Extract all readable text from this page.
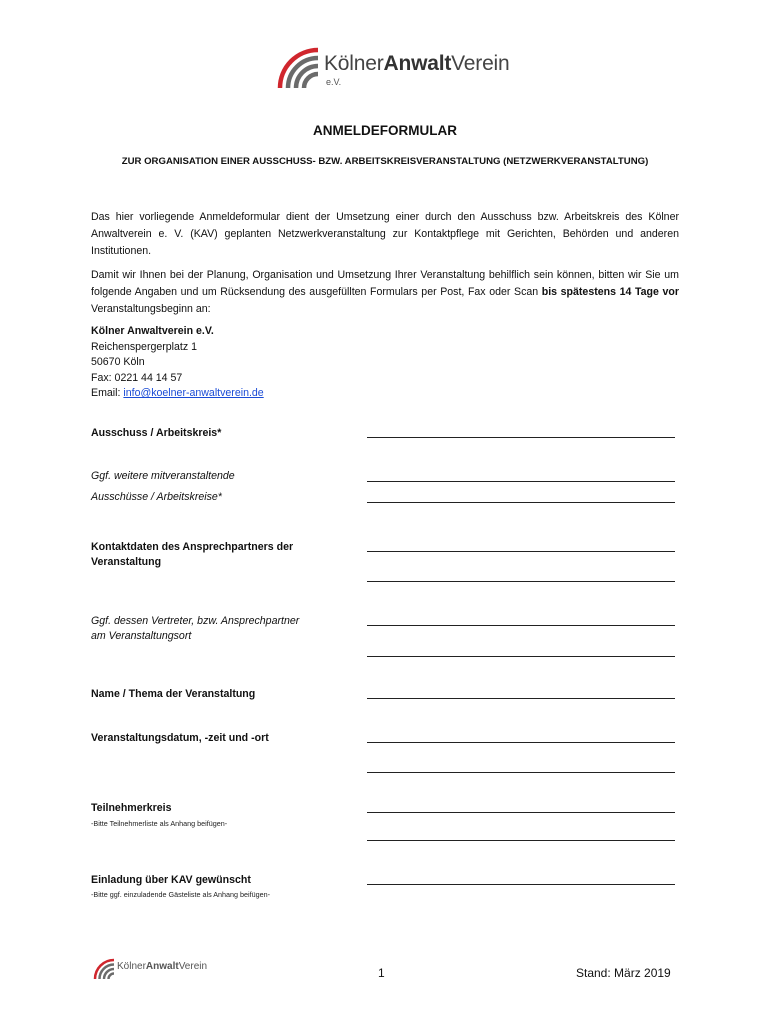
KölnerAnwaltVerein
e.V.
ANMELDEFORMULAR
ZUR ORGANISATION EINER AUSSCHUSS- BZW. ARBEITSKREISVERANSTALTUNG (NETZWERKVERANSTALTUNG)
Das hier vorliegende Anmeldeformular dient der Umsetzung einer durch den Ausschuss bzw. Arbeitskreis des Kölner Anwaltverein e. V. (KAV) geplanten Netzwerkveranstaltung zur Kontaktpflege mit Gerichten, Behörden und anderen Institutionen.
Damit wir Ihnen bei der Planung, Organisation und Umsetzung Ihrer Veranstaltung behilflich sein können, bitten wir Sie um folgende Angaben und um Rücksendung des ausgefüllten Formulars per Post, Fax oder Scan bis spätestens 14 Tage vor Veranstaltungsbeginn an:
Kölner Anwaltverein e.V.
Reichenspergerplatz 1
50670 Köln
Fax: 0221 44 14 57
Email: info@koelner-anwaltverein.de
Ausschuss / Arbeitskreis*
Ggf. weitere mitveranstaltende
Ausschüsse / Arbeitskreise*
Kontaktdaten des Ansprechpartners der
Veranstaltung
Ggf. dessen Vertreter, bzw. Ansprechpartner
am Veranstaltungsort
Name / Thema der Veranstaltung
Veranstaltungsdatum, -zeit und -ort
Teilnehmerkreis
-Bitte Teilnehmerliste als Anhang beifügen-
Einladung über KAV gewünscht
-Bitte ggf. einzuladende Gästeliste als Anhang beifügen-
KölnerAnwaltVerein	1	Stand: März 2019
